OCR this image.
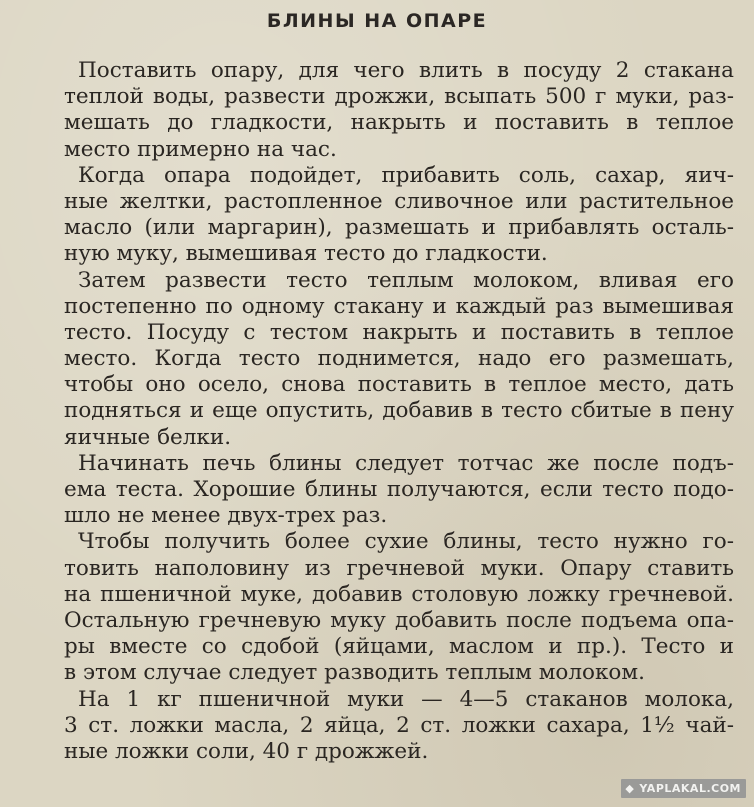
БЛИНЫ НА ОПАРЕ
Поставить опару, для чего влить в посуду 2 стакана
теплой воды, развести дрожжи, всыпать 500 г муки, раз-
мешать до гладкости, накрыть и поставить в теплое
место примерно на час.
Когда опара подойдет, прибавить соль, сахар, яич-
ные желтки, растопленное сливочное или растительное
масло (или маргарин), размешать и прибавлять осталь-
ную муку, вымешивая тесто до гладкости.
Затем развести тесто теплым молоком, вливая его
постепенно по одному стакану и каждый раз вымешивая
тесто. Посуду с тестом накрыть и поставить в теплое
место. Когда тесто поднимется, надо его размешать,
чтобы оно осело, снова поставить в теплое место, дать
подняться и еще опустить, добавив в тесто сбитые в пену
яичные белки.
Начинать печь блины следует тотчас же после подъ-
ема теста. Хорошие блины получаются, если тесто подо-
шло не менее двух-трех раз.
Чтобы получить более сухие блины, тесто нужно го-
товить наполовину из гречневой муки. Опару ставить
на пшеничной муке, добавив столовую ложку гречневой.
Остальную гречневую муку добавить после подъема опа-
ры вместе со сдобой (яйцами, маслом и пр.). Тесто и
в этом случае следует разводить теплым молоком.
На 1 кг пшеничной муки — 4—5 стаканов молока,
3 ст. ложки масла, 2 яйца, 2 ст. ложки сахара, 1½ чай-
ные ложки соли, 40 г дрожжей.
◆ YAPLAKAL.COM
